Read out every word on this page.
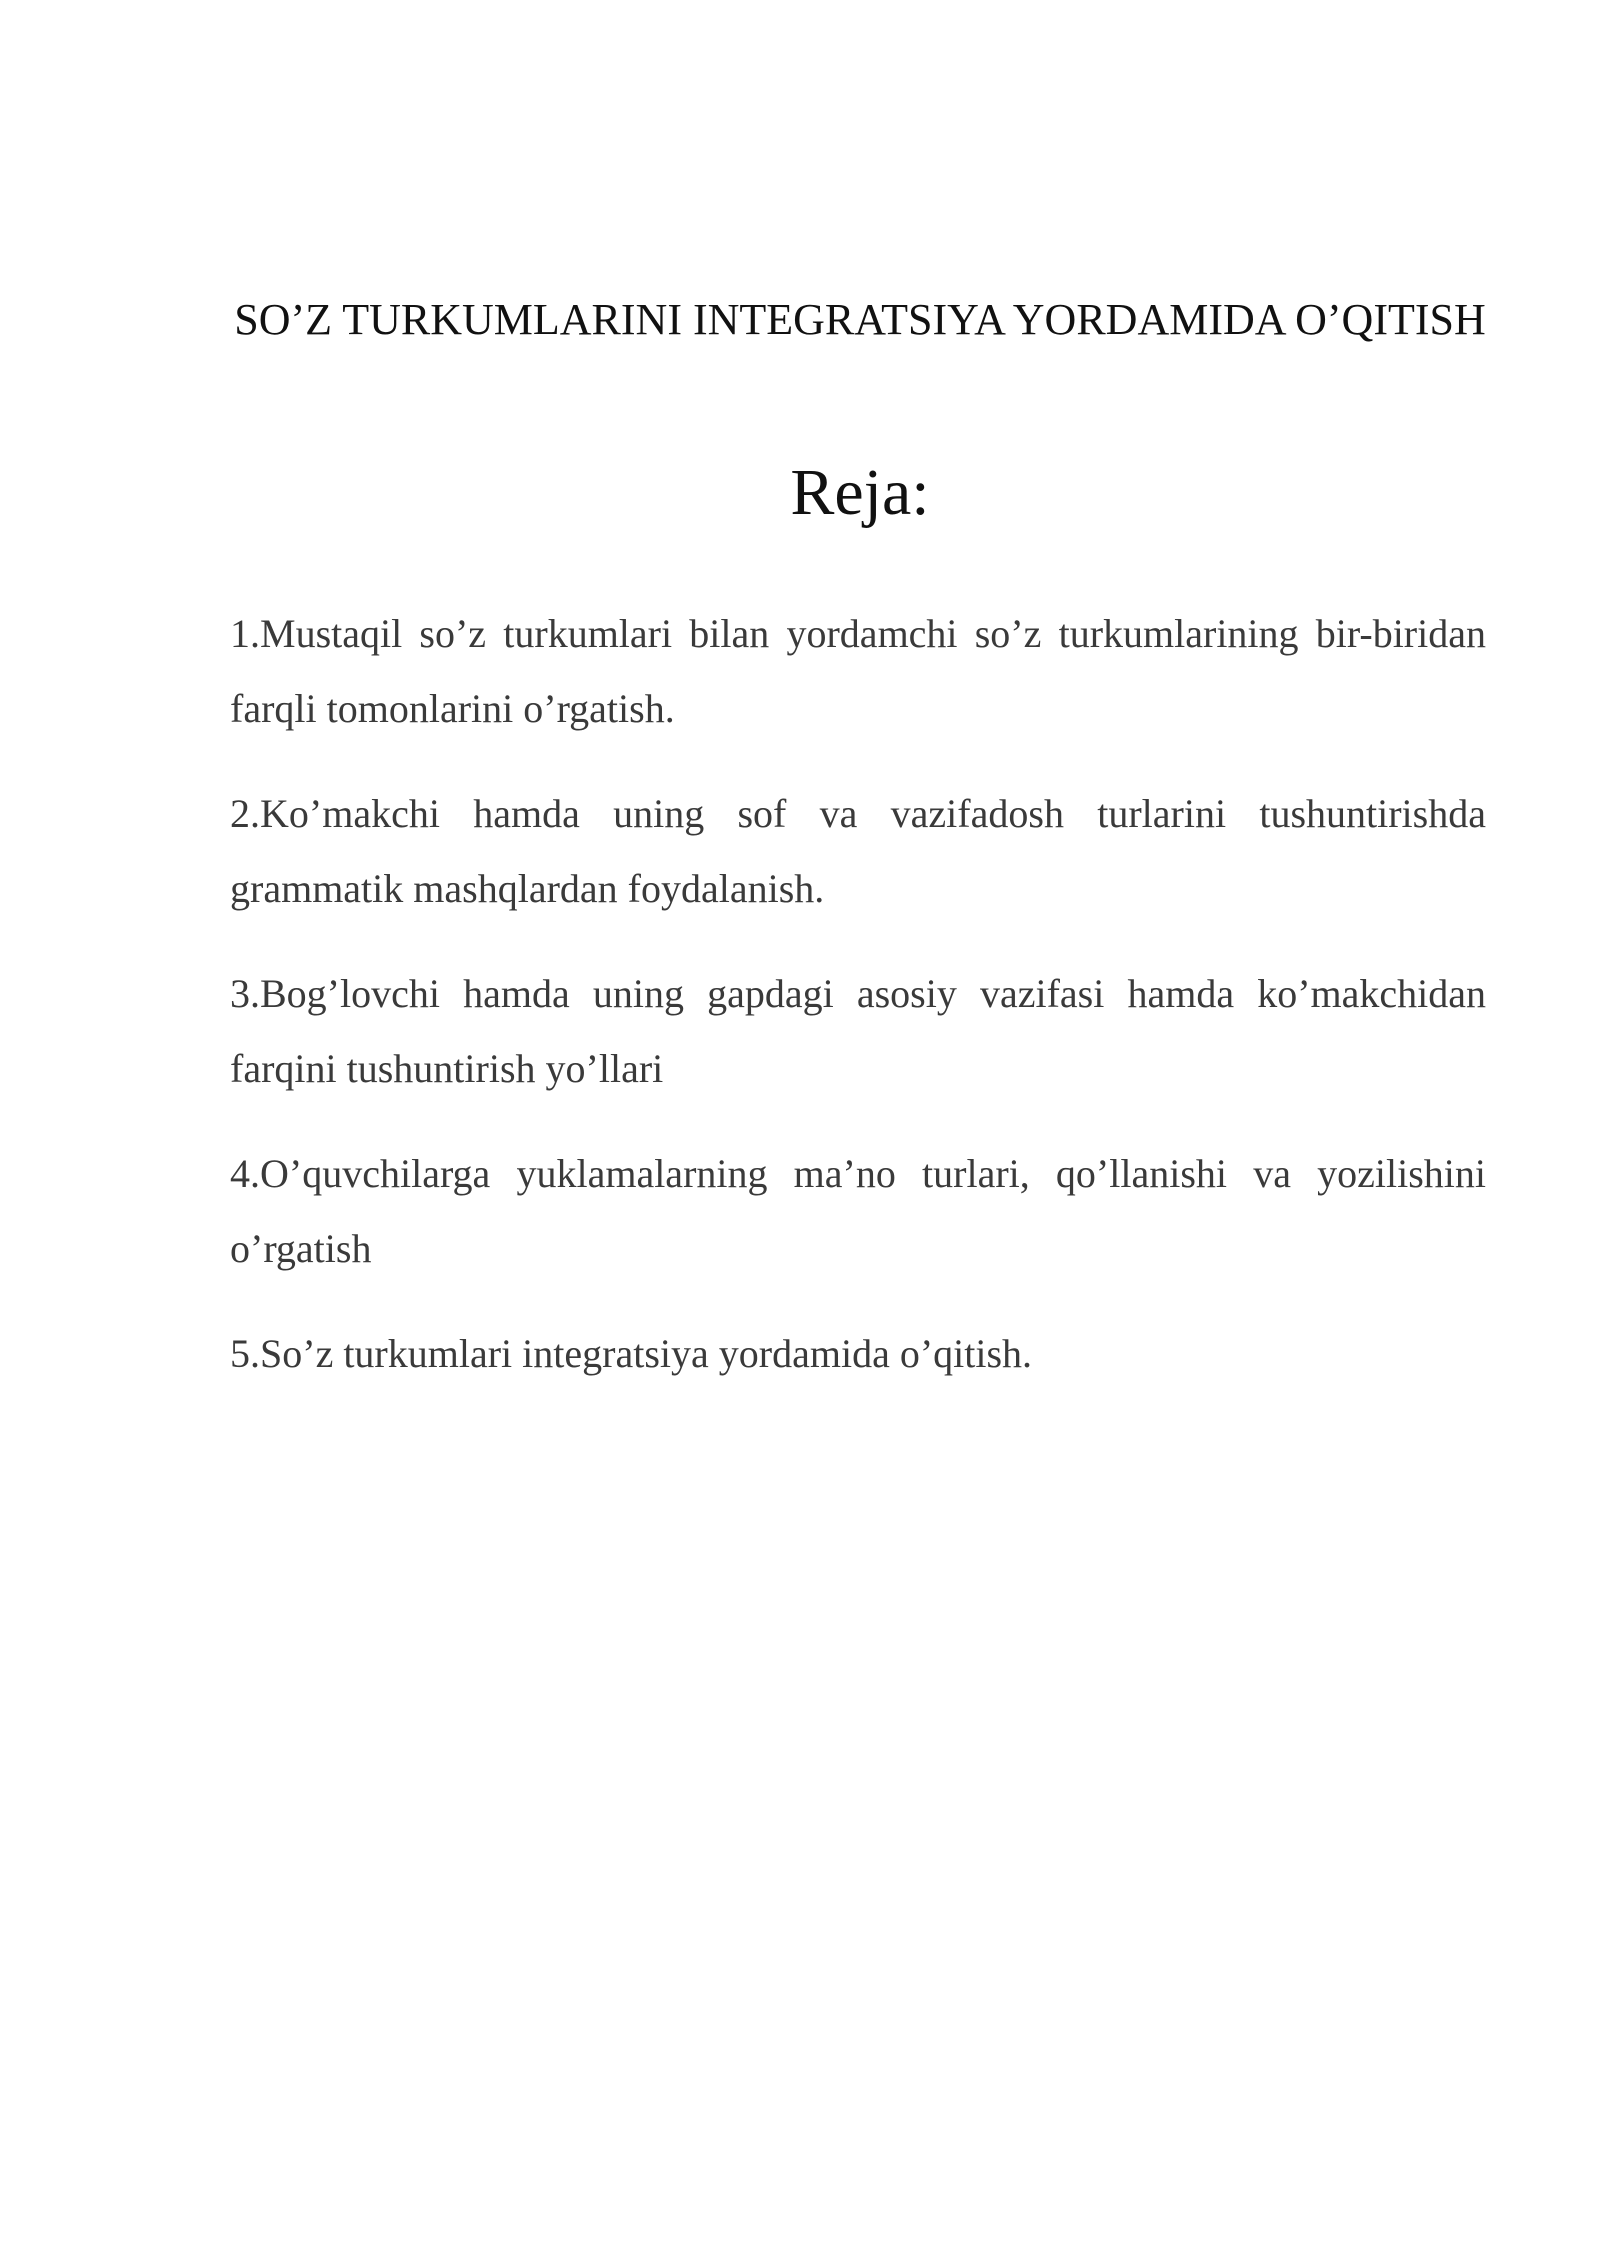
SO’Z TURKUMLARINI INTEGRATSIYA YORDAMIDA O’QITISH
Reja:
1.Mustaqil so’z turkumlari bilan yordamchi so’z turkumlarining bir-biridan farqli tomonlarini o’rgatish.
2.Ko’makchi hamda uning sof va vazifadosh turlarini tushuntirishda grammatik mashqlardan foydalanish.
3.Bog’lovchi hamda uning gapdagi asosiy vazifasi hamda ko’makchidan farqini tushuntirish yo’llari
4.O’quvchilarga yuklamalarning ma’no turlari, qo’llanishi va yozilishini o’rgatish
5.So’z turkumlari integratsiya yordamida o’qitish.
